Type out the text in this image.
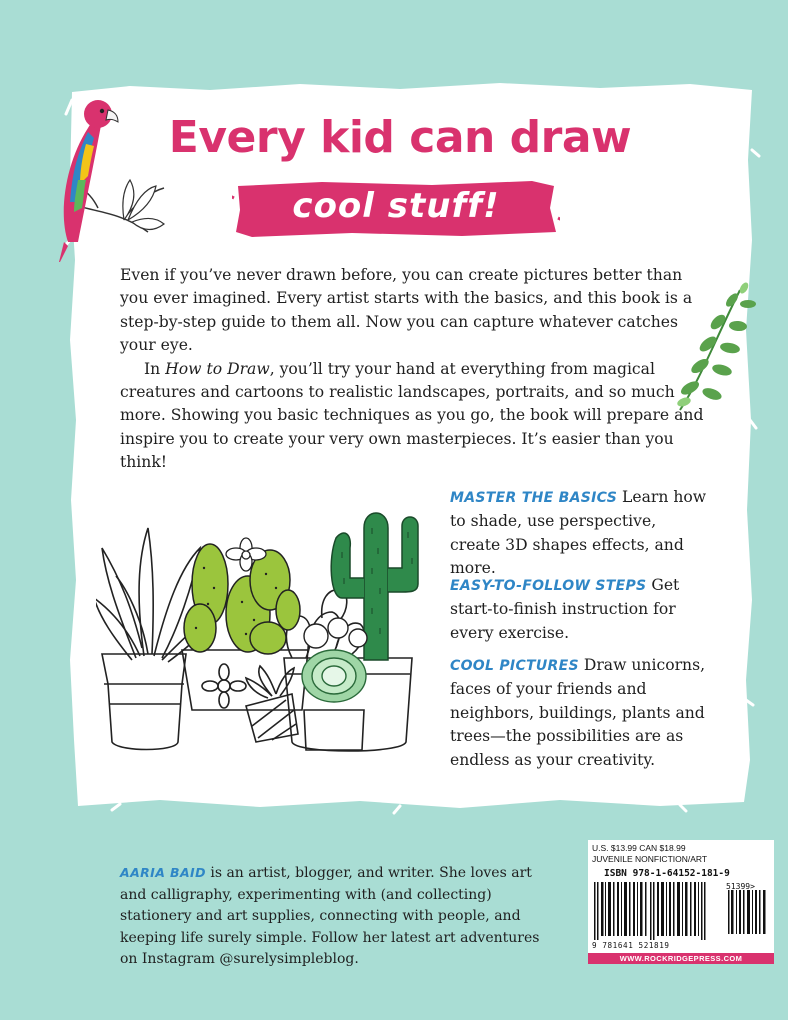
Every kid can draw
cool stuff!

Even if you’ve never drawn before, you can create pictures better than you ever imagined. Every artist starts with the basics, and this book is a step-by-step guide to them all. Now you can capture whatever catches your eye.

In How to Draw, you’ll try your hand at everything from magical creatures and cartoons to realistic landscapes, portraits, and so much more. Showing you basic techniques as you go, the book will prepare and inspire you to create your very own masterpieces. It’s easier than you think!

MASTER THE BASICS Learn how to shade, use perspective, create 3D shapes effects, and more.

EASY-TO-FOLLOW STEPS Get start-to-finish instruction for every exercise.

COOL PICTURES Draw unicorns, faces of your friends and neighbors, buildings, plants and trees—the possibilities are as endless as your creativity.

AARIA BAID is an artist, blogger, and writer. She loves art and calligraphy, experimenting with (and collecting) stationery and art supplies, connecting with people, and keeping life surely simple. Follow her latest art adventures on Instagram @surelysimpleblog.

U.S. $13.99 CAN $18.99
JUVENILE NONFICTION/ART
ISBN 978-1-64152-181-9
51399>
9 781641 521819
WWW.ROCKRIDGEPRESS.COM
